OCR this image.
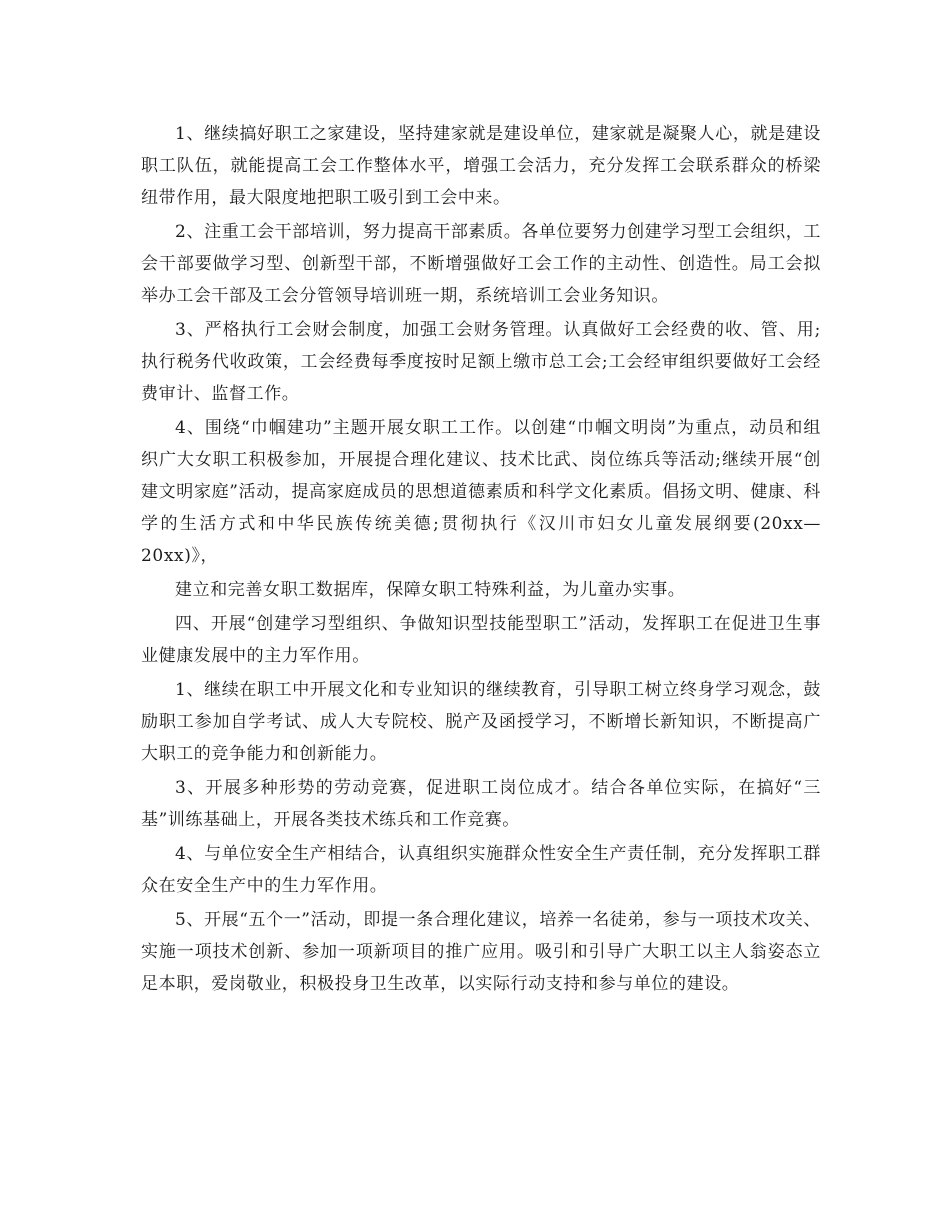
1、继续搞好职工之家建设，坚持建家就是建设单位，建家就是凝聚人心，就是建设职工队伍，就能提高工会工作整体水平，增强工会活力，充分发挥工会联系群众的桥梁纽带作用，最大限度地把职工吸引到工会中来。

2、注重工会干部培训，努力提高干部素质。各单位要努力创建学习型工会组织，工会干部要做学习型、创新型干部，不断增强做好工会工作的主动性、创造性。局工会拟举办工会干部及工会分管领导培训班一期，系统培训工会业务知识。

3、严格执行工会财会制度，加强工会财务管理。认真做好工会经费的收、管、用;执行税务代收政策，工会经费每季度按时足额上缴市总工会;工会经审组织要做好工会经费审计、监督工作。

4、围绕“巾帼建功”主题开展女职工工作。以创建“巾帼文明岗”为重点，动员和组织广大女职工积极参加，开展提合理化建议、技术比武、岗位练兵等活动;继续开展“创建文明家庭”活动，提高家庭成员的思想道德素质和科学文化素质。倡扬文明、健康、科学的生活方式和中华民族传统美德;贯彻执行《汉川市妇女儿童发展纲要(20xx—20xx)》，

建立和完善女职工数据库，保障女职工特殊利益，为儿童办实事。

四、开展“创建学习型组织、争做知识型技能型职工”活动，发挥职工在促进卫生事业健康发展中的主力军作用。

1、继续在职工中开展文化和专业知识的继续教育，引导职工树立终身学习观念，鼓励职工参加自学考试、成人大专院校、脱产及函授学习，不断增长新知识，不断提高广大职工的竞争能力和创新能力。

3、开展多种形势的劳动竞赛，促进职工岗位成才。结合各单位实际，在搞好“三基”训练基础上，开展各类技术练兵和工作竞赛。

4、与单位安全生产相结合，认真组织实施群众性安全生产责任制，充分发挥职工群众在安全生产中的生力军作用。

5、开展“五个一”活动，即提一条合理化建议，培养一名徒弟，参与一项技术攻关、实施一项技术创新、参加一项新项目的推广应用。吸引和引导广大职工以主人翁姿态立足本职，爱岗敬业，积极投身卫生改革，以实际行动支持和参与单位的建设。
